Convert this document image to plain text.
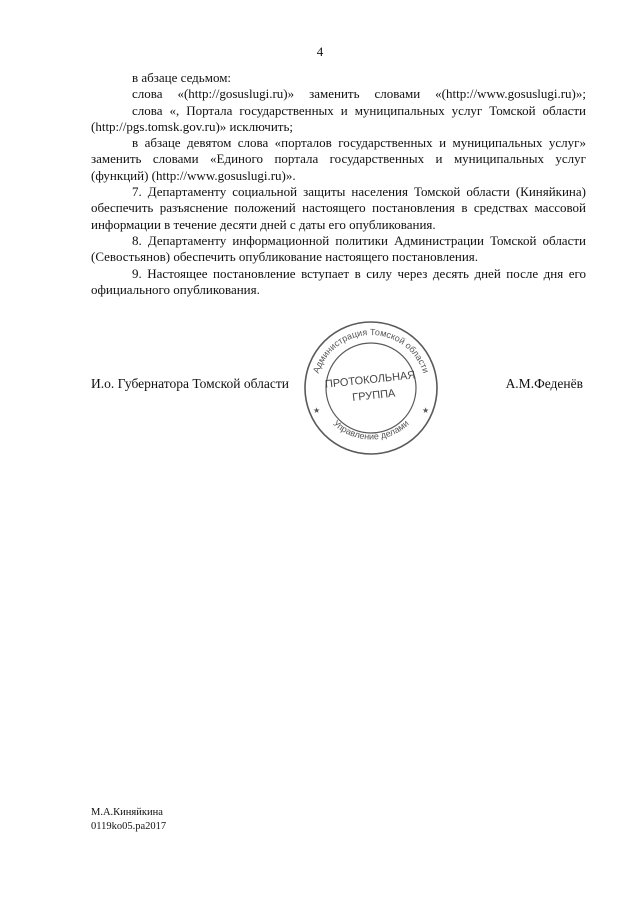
4

в абзаце седьмом:

слова «(http://gosuslugi.ru)» заменить словами «(http://www.gosuslugi.ru)»;

слова «, Портала государственных и муниципальных услуг Томской области (http://pgs.tomsk.gov.ru)» исключить;

в абзаце девятом слова «порталов государственных и муниципальных услуг» заменить словами «Единого портала государственных и муниципальных услуг (функций) (http://www.gosuslugi.ru)».

7. Департаменту социальной защиты населения Томской области (Киняйкина) обеспечить разъяснение положений настоящего постановления в средствах массовой информации в течение десяти дней с даты его опубликования.

8. Департаменту информационной политики Администрации Томской области (Севостьянов) обеспечить опубликование настоящего постановления.

9. Настоящее постановление вступает в силу через десять дней после дня его официального опубликования.

И.о. Губернатора Томской области	А.М.Феденёв
Администрация Томской области
Управление делами
★	★
ПРОТОКОЛЬНАЯ
ГРУППА
М.А.Киняйкина
0119ko05.pa2017
